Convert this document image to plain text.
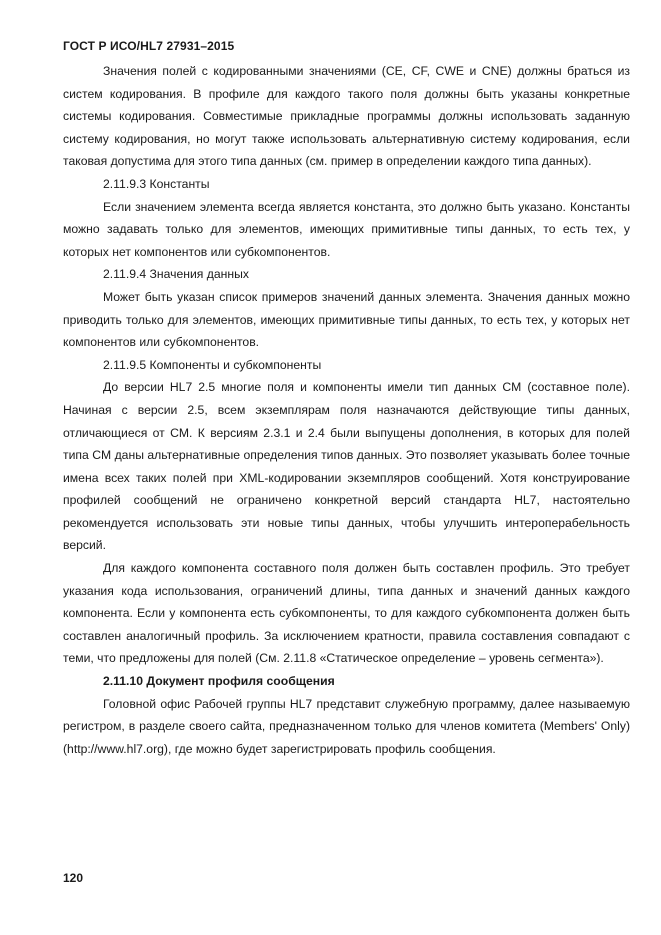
ГОСТ Р ИСО/HL7 27931–2015

Значения полей с кодированными значениями (CE, CF, CWE и CNE) должны браться из систем кодирования. В профиле для каждого такого поля должны быть указаны конкретные системы кодирования. Совместимые прикладные программы должны использовать заданную систему кодирования, но могут также использовать альтернативную систему кодирования, если таковая допустима для этого типа данных (см. пример в определении каждого типа данных).

2.11.9.3 Константы

Если значением элемента всегда является константа, это должно быть указано. Константы можно задавать только для элементов, имеющих примитивные типы данных, то есть тех, у которых нет компонентов или субкомпонентов.

2.11.9.4 Значения данных

Может быть указан список примеров значений данных элемента. Значения данных можно приводить только для элементов, имеющих примитивные типы данных, то есть тех, у которых нет компонентов или субкомпонентов.

2.11.9.5 Компоненты и субкомпоненты

До версии HL7 2.5 многие поля и компоненты имели тип данных CM (составное поле). Начиная с версии 2.5, всем экземплярам поля назначаются действующие типы данных, отличающиеся от CM. К версиям 2.3.1 и 2.4 были выпущены дополнения, в которых для полей типа CM даны альтернативные определения типов данных. Это позволяет указывать более точные имена всех таких полей при XML-кодировании экземпляров сообщений. Хотя конструирование профилей сообщений не ограничено конкретной версий стандарта HL7, настоятельно рекомендуется использовать эти новые типы данных, чтобы улучшить интероперабельность версий.

Для каждого компонента составного поля должен быть составлен профиль. Это требует указания кода использования, ограничений длины, типа данных и значений данных каждого компонента. Если у компонента есть субкомпоненты, то для каждого субкомпонента должен быть составлен аналогичный профиль. За исключением кратности, правила составления совпадают с теми, что предложены для полей (См. 2.11.8 «Статическое определение – уровень сегмента»).

2.11.10 Документ профиля сообщения

Головной офис Рабочей группы HL7 представит служебную программу, далее называемую регистром, в разделе своего сайта, предназначенном только для членов комитета (Members' Only) (http://www.hl7.org), где можно будет зарегистрировать профиль сообщения.

120
